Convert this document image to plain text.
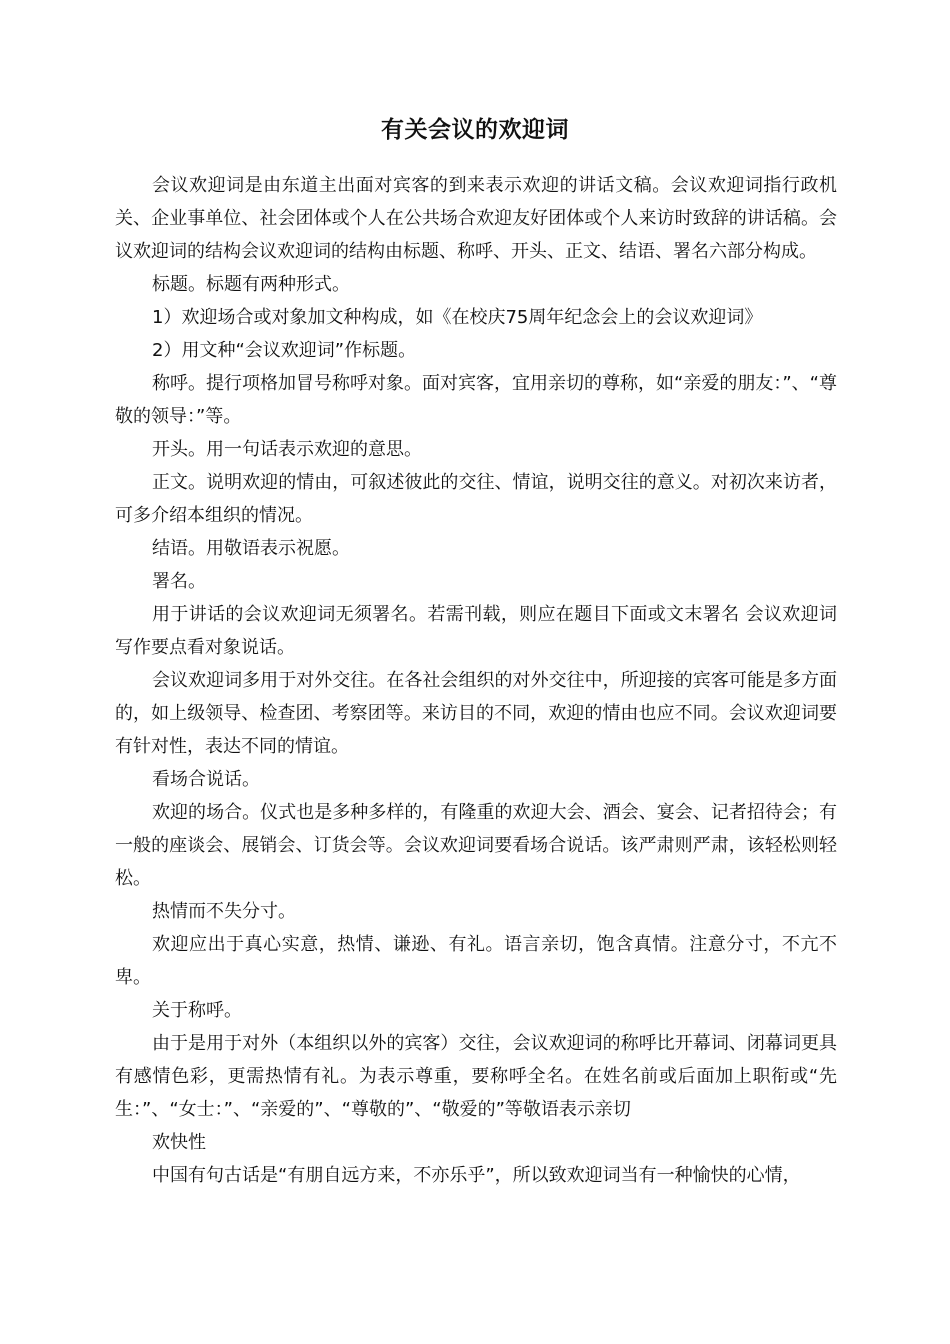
有关会议的欢迎词

会议欢迎词是由东道主出面对宾客的到来表示欢迎的讲话文稿。会议欢迎词指行政机关、企业事单位、社会团体或个人在公共场合欢迎友好团体或个人来访时致辞的讲话稿。会议欢迎词的结构会议欢迎词的结构由标题、称呼、开头、正文、结语、署名六部分构成。

标题。标题有两种形式。

1）欢迎场合或对象加文种构成，如《在校庆75周年纪念会上的会议欢迎词》

2）用文种“会议欢迎词”作标题。

称呼。提行项格加冒号称呼对象。面对宾客，宜用亲切的尊称，如“亲爱的朋友：”、“尊敬的领导：”等。

开头。用一句话表示欢迎的意思。

正文。说明欢迎的情由，可叙述彼此的交往、情谊，说明交往的意义。对初次来访者，可多介绍本组织的情况。

结语。用敬语表示祝愿。

署名。

用于讲话的会议欢迎词无须署名。若需刊载，则应在题目下面或文末署名 会议欢迎词写作要点看对象说话。

会议欢迎词多用于对外交往。在各社会组织的对外交往中，所迎接的宾客可能是多方面的，如上级领导、检查团、考察团等。来访目的不同，欢迎的情由也应不同。会议欢迎词要有针对性，表达不同的情谊。

看场合说话。

欢迎的场合。仪式也是多种多样的，有隆重的欢迎大会、酒会、宴会、记者招待会；有一般的座谈会、展销会、订货会等。会议欢迎词要看场合说话。该严肃则严肃，该轻松则轻松。

热情而不失分寸。

欢迎应出于真心实意，热情、谦逊、有礼。语言亲切，饱含真情。注意分寸，不亢不卑。

关于称呼。

由于是用于对外（本组织以外的宾客）交往，会议欢迎词的称呼比开幕词、闭幕词更具有感情色彩，更需热情有礼。为表示尊重，要称呼全名。在姓名前或后面加上职衔或“先生：”、“女士：”、“亲爱的”、“尊敬的”、“敬爱的”等敬语表示亲切

欢快性

中国有句古话是“有朋自远方来，不亦乐乎”，所以致欢迎词当有一种愉快的心情，
